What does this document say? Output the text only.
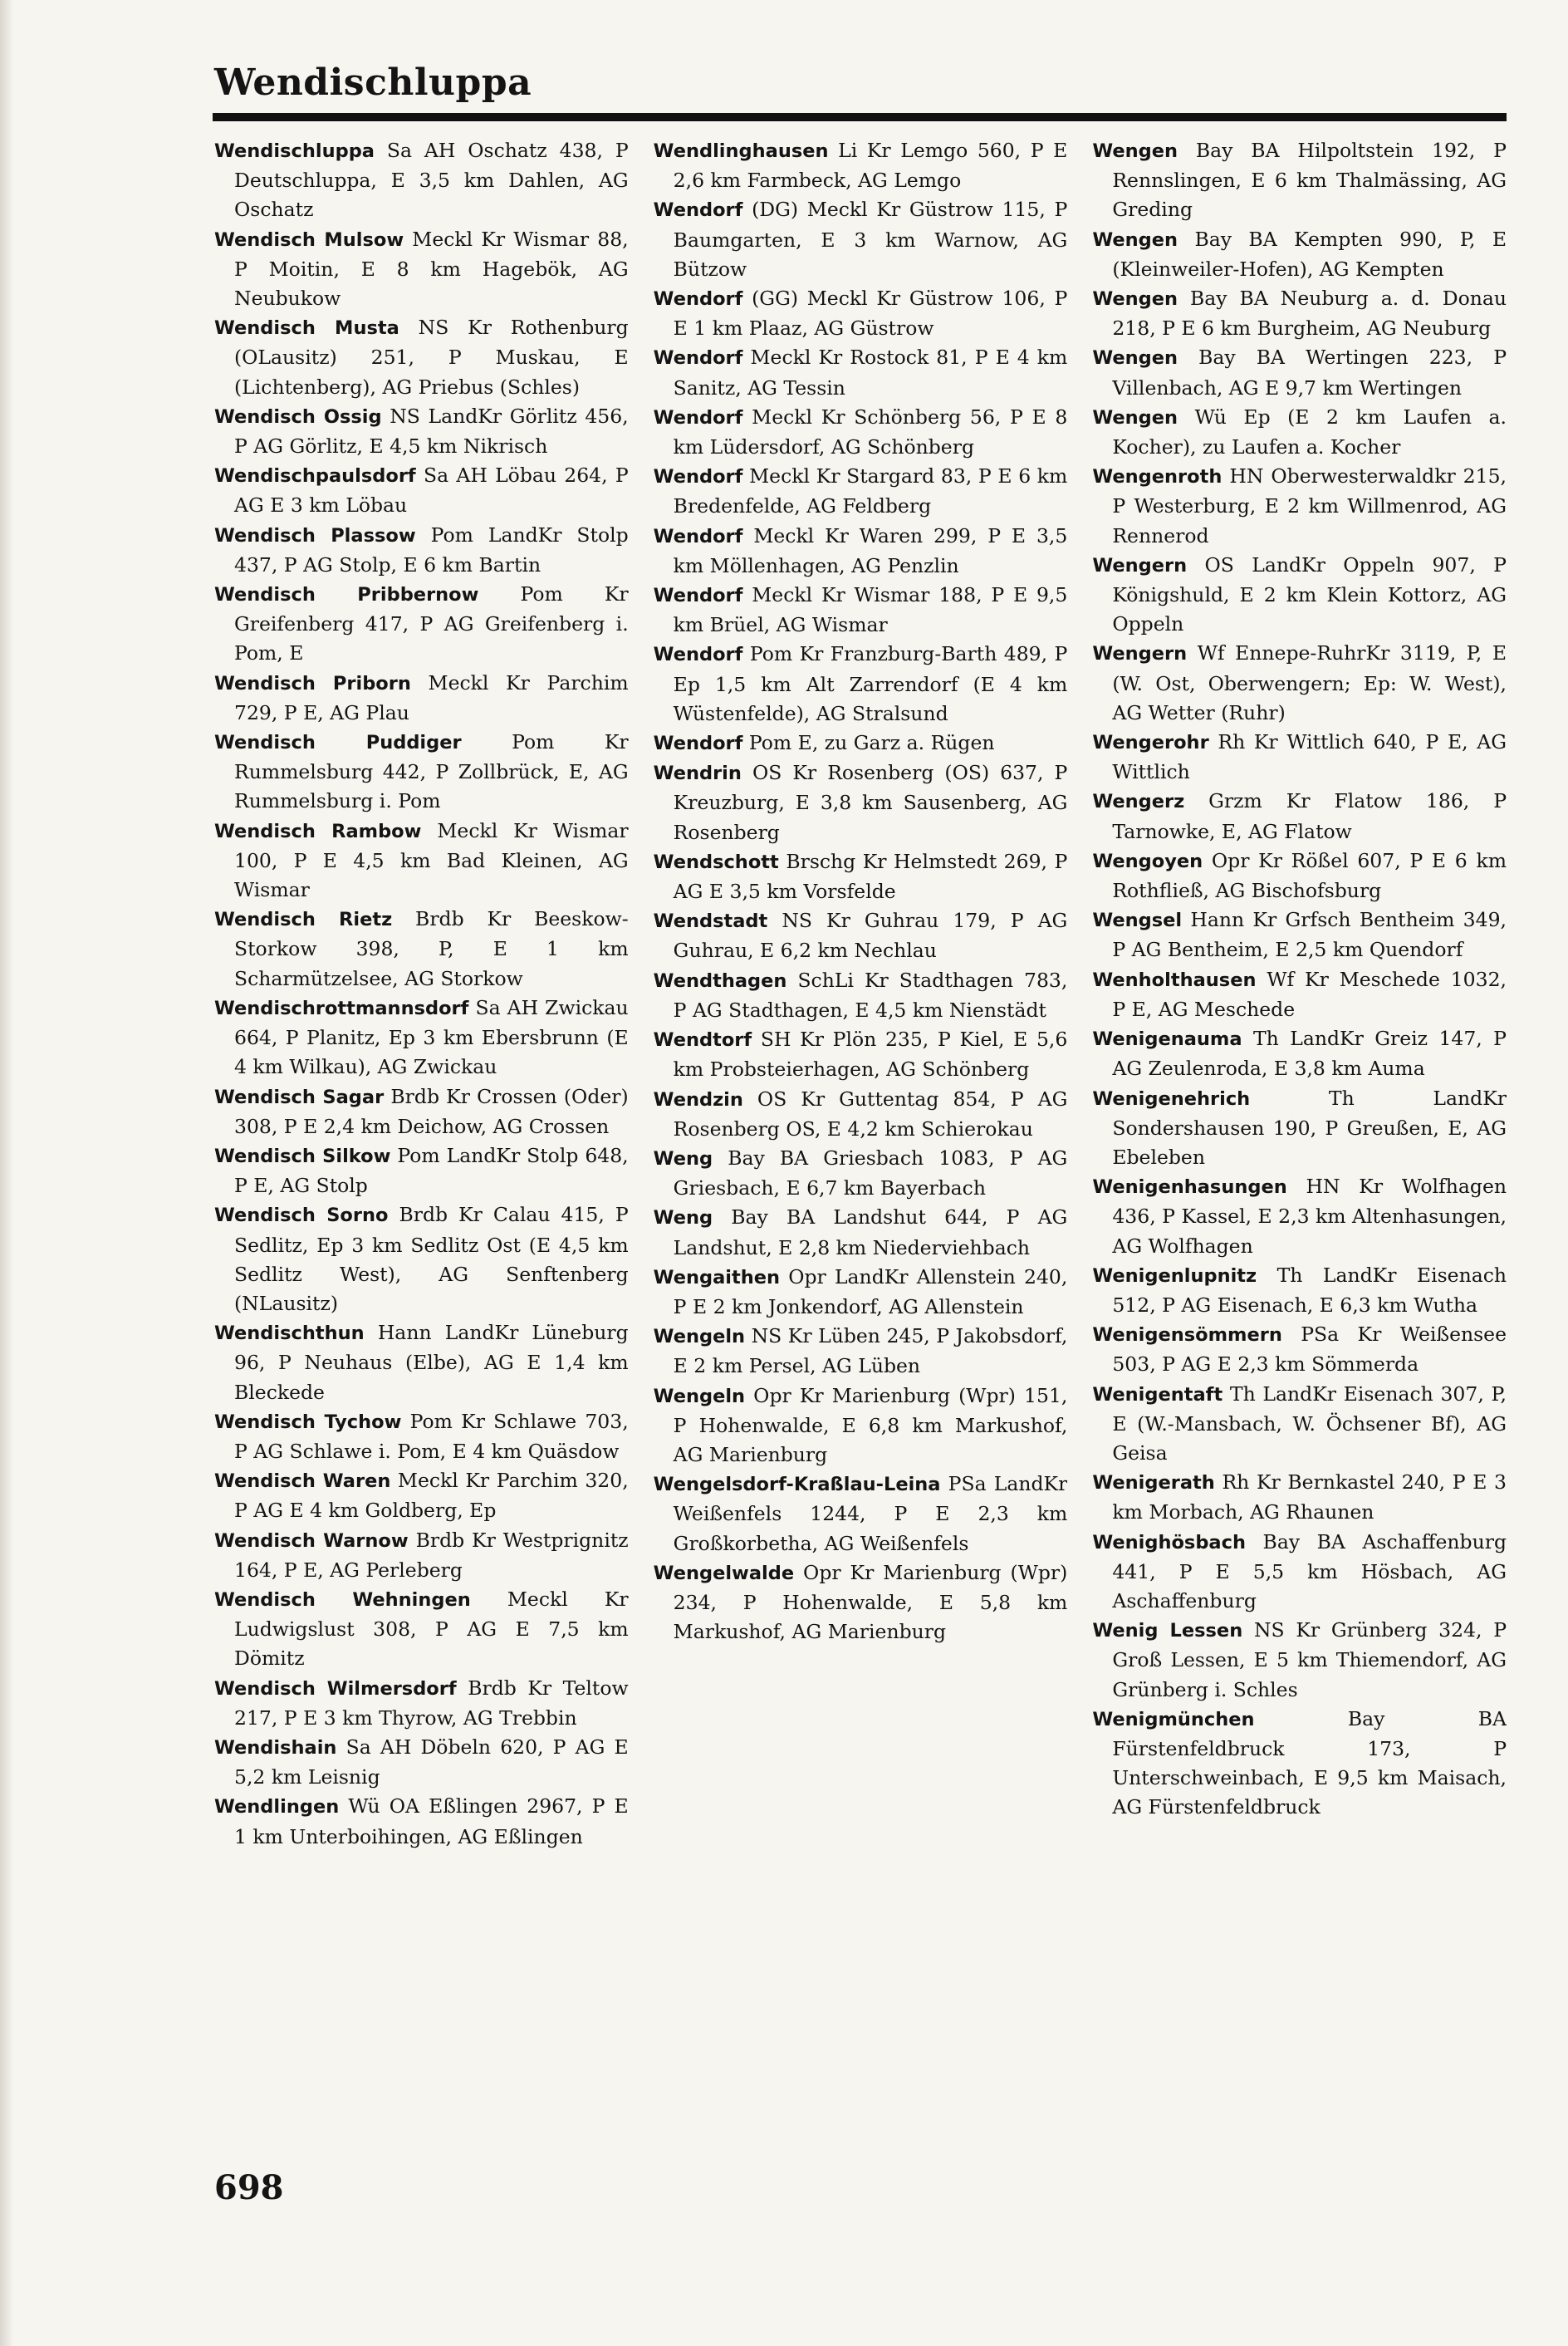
Wendischluppa

Wendischluppa Sa AH Oschatz 438, P Deutschluppa, E 3,5 km Dahlen, AG Oschatz

Wendisch Mulsow Meckl Kr Wismar 88, P Moitin, E 8 km Hagebök, AG Neubukow

Wendisch Musta NS Kr Rothenburg (OLausitz) 251, P Muskau, E (Lichtenberg), AG Priebus (Schles)

Wendisch Ossig NS LandKr Görlitz 456, P AG Görlitz, E 4,5 km Nikrisch

Wendischpaulsdorf Sa AH Löbau 264, P AG E 3 km Löbau

Wendisch Plassow Pom LandKr Stolp 437, P AG Stolp, E 6 km Bartin

Wendisch Pribbernow Pom Kr Greifenberg 417, P AG Greifenberg i. Pom, E

Wendisch Priborn Meckl Kr Parchim 729, P E, AG Plau

Wendisch Puddiger	Pom Kr Rummelsburg 442, P Zollbrück, E, AG Rummelsburg i. Pom

Wendisch Rambow Meckl Kr Wismar 100, P E 4,5 km Bad Kleinen, AG Wismar

Wendisch Rietz Brdb Kr Beeskow-Storkow 398, P, E 1 km Scharmützelsee, AG Storkow

Wendischrottmannsdorf Sa AH Zwickau 664, P Planitz, Ep 3 km Ebersbrunn (E 4 km Wilkau), AG Zwickau

Wendisch Sagar Brdb Kr Crossen (Oder) 308, P E 2,4 km Deichow, AG Crossen

Wendisch Silkow Pom LandKr Stolp 648, P E, AG Stolp

Wendisch Sorno Brdb Kr Calau 415, P Sedlitz, Ep 3 km Sedlitz Ost (E 4,5 km Sedlitz West), AG Senftenberg (NLausitz)

Wendischthun Hann LandKr Lüneburg 96, P Neuhaus (Elbe), AG E 1,4 km Bleckede

Wendisch Tychow Pom Kr Schlawe 703, P AG Schlawe i. Pom, E 4 km Quäsdow

Wendisch Waren Meckl Kr Parchim 320, P AG E 4 km Goldberg, Ep

Wendisch Warnow Brdb Kr Westprignitz 164, P E, AG Perleberg

Wendisch Wehningen Meckl Kr Ludwigslust 308, P AG E 7,5 km Dömitz

Wendisch Wilmersdorf Brdb Kr Teltow 217, P E 3 km Thyrow, AG Trebbin

Wendishain Sa AH Döbeln 620, P AG E 5,2 km Leisnig

Wendlingen Wü OA Eßlingen 2967, P E 1 km Unterboihingen, AG Eßlingen

Wendlinghausen Li Kr Lemgo 560, P E 2,6 km Farmbeck, AG Lemgo

Wendorf (DG) Meckl Kr Güstrow 115, P Baumgarten, E 3 km Warnow, AG Bützow

Wendorf (GG) Meckl Kr Güstrow 106, P E 1 km Plaaz, AG Güstrow

Wendorf Meckl Kr Rostock 81, P E 4 km Sanitz, AG Tessin

Wendorf Meckl Kr Schönberg 56, P E 8 km Lüdersdorf, AG Schönberg

Wendorf Meckl Kr Stargard 83, P E 6 km Bredenfelde, AG Feldberg

Wendorf Meckl Kr Waren 299, P E 3,5 km Möllenhagen, AG Penzlin

Wendorf Meckl Kr Wismar 188, P E 9,5 km Brüel, AG Wismar

Wendorf Pom Kr Franzburg-Barth 489, P Ep 1,5 km Alt Zarrendorf (E 4 km Wüstenfelde), AG Stralsund

Wendorf Pom E, zu Garz a. Rügen

Wendrin OS Kr Rosenberg (OS) 637, P Kreuzburg, E 3,8 km Sausenberg, AG Rosenberg

Wendschott Brschg Kr Helmstedt 269, P AG E 3,5 km Vorsfelde

Wendstadt NS Kr Guhrau 179, P AG Guhrau, E 6,2 km Nechlau

Wendthagen SchLi Kr Stadthagen 783, P AG Stadthagen, E 4,5 km Nienstädt

Wendtorf SH Kr Plön 235, P Kiel, E 5,6 km Probsteierhagen, AG Schönberg

Wendzin OS Kr Guttentag 854, P AG Rosenberg OS, E 4,2 km Schierokau

Weng Bay BA Griesbach 1083, P AG Griesbach, E 6,7 km Bayerbach

Weng Bay BA Landshut 644, P AG Landshut, E 2,8 km Niederviehbach

Wengaithen Opr LandKr Allenstein 240, P E 2 km Jonkendorf, AG Allenstein

Wengeln NS Kr Lüben 245, P Jakobsdorf, E 2 km Persel, AG Lüben

Wengeln Opr Kr Marienburg (Wpr) 151, P Hohenwalde, E 6,8 km Markushof, AG Marienburg

Wengelsdorf-Kraßlau-Leina PSa LandKr Weißenfels 1244, P E 2,3 km Großkorbetha, AG Weißenfels

Wengelwalde Opr Kr Marienburg (Wpr) 234, P Hohenwalde, E 5,8 km Markushof, AG Marienburg

Wengen Bay BA Hilpoltstein 192, P Rennslingen, E 6 km Thalmässing, AG Greding

Wengen Bay BA Kempten 990, P, E (Kleinweiler-Hofen), AG Kempten

Wengen Bay BA Neuburg a. d. Donau 218, P E 6 km Burgheim, AG Neuburg

Wengen Bay BA Wertingen 223, P Villenbach, AG E 9,7 km Wertingen

Wengen Wü Ep (E 2 km Laufen a. Kocher), zu Laufen a. Kocher

Wengenroth HN Oberwesterwaldkr 215, P Westerburg, E 2 km Willmenrod, AG Rennerod

Wengern OS LandKr Oppeln 907, P Königshuld, E 2 km Klein Kottorz, AG Oppeln

Wengern Wf Ennepe-RuhrKr 3119, P, E (W. Ost, Oberwengern; Ep: W. West), AG Wetter (Ruhr)

Wengerohr Rh Kr Wittlich 640, P E, AG Wittlich

Wengerz Grzm Kr Flatow 186, P Tarnowke, E, AG Flatow

Wengoyen Opr Kr Rößel 607, P E 6 km Rothfließ, AG Bischofsburg

Wengsel Hann Kr Grfsch Bentheim 349, P AG Bentheim, E 2,5 km Quendorf

Wenholthausen Wf Kr Meschede 1032, P E, AG Meschede

Wenigenauma Th LandKr Greiz 147, P AG Zeulenroda, E 3,8 km Auma

Wenigenehrich	Th LandKr Sondershausen 190, P Greußen, E, AG Ebeleben

Wenigenhasungen HN Kr Wolfhagen 436, P Kassel, E 2,3 km Altenhasungen, AG Wolfhagen

Wenigenlupnitz Th LandKr Eisenach 512, P AG Eisenach, E 6,3 km Wutha

Wenigensömmern PSa Kr Weißensee 503, P AG E 2,3 km Sömmerda

Wenigentaft Th LandKr Eisenach 307, P, E (W.-Mansbach, W. Öchsener Bf), AG Geisa

Wenigerath Rh Kr Bernkastel 240, P E 3 km Morbach, AG Rhaunen

Wenighösbach Bay BA Aschaffenburg 441, P E 5,5 km Hösbach, AG Aschaffenburg

Wenig Lessen NS Kr Grünberg 324, P Groß Lessen, E 5 km Thiemendorf, AG Grünberg i. Schles

Wenigmünchen	Bay BA Fürstenfeldbruck 173, P Unterschweinbach, E 9,5 km Maisach, AG Fürstenfeldbruck

698
